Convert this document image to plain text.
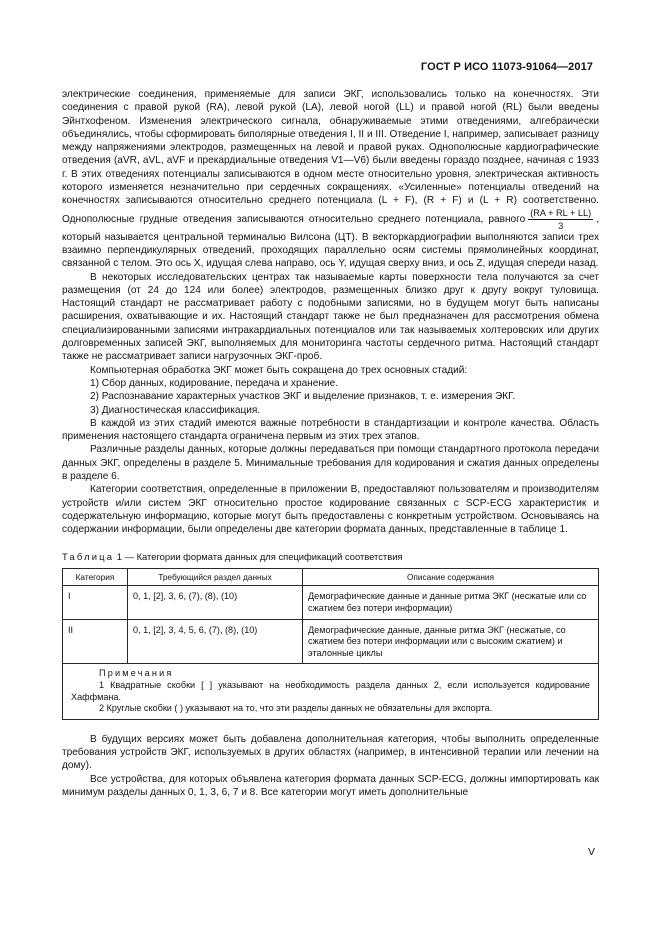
ГОСТ Р ИСО 11073-91064—2017

электрические соединения, применяемые для записи ЭКГ, использовались только на конечностях. Эти соединения с правой рукой (RA), левой рукой (LA), левой ногой (LL) и правой ногой (RL) были введены Эйнтхофеном. Изменения электрического сигнала, обнаруживаемые этими отведениями, алгебраически объединялись, чтобы сформировать биполярные отведения I, II и III. Отведение I, например, записывает разницу между напряжениями электродов, размещенных на левой и правой руках. Однополюсные кардиографические отведения (aVR, aVL, aVF и прекардиальные отведения V1—V6) были введены гораздо позднее, начиная с 1933 г. В этих отведениях потенциалы записываются в одном месте относительно уровня, электрическая активность которого изменяется незначительно при сердечных сокращениях. «Усиленные» потенциалы отведений на конечностях записываются относительно среднего потенциала (L + F), (R + F) и (L + R) соответственно. Однополюсные грудные отведения записываются относительно среднего потенциала, равного $\frac{(RA + RL + LL)}{3}$ , который называется центральной терминалью Вилсона (ЦТ). В векторкардиографии выполняются записи трех взаимно перпендикулярных отведений, проходящих параллельно осям системы прямолинейных координат, связанной с телом. Это ось X, идущая слева направо, ось Y, идущая сверху вниз, и ось Z, идущая спереди назад.

В некоторых исследовательских центрах так называемые карты поверхности тела получаются за счет размещения (от 24 до 124 или более) электродов, размещенных близко друг к другу вокруг туловища. Настоящий стандарт не рассматривает работу с подобными записями, но в будущем могут быть написаны расширения, охватывающие и их. Настоящий стандарт также не был предназначен для рассмотрения обмена специализированными записями интракардиальных потенциалов или так называемых холтеровских или других долговременных записей ЭКГ, выполняемых для мониторинга частоты сердечного ритма. Настоящий стандарт также не рассматривает записи нагрузочных ЭКГ-проб.

Компьютерная обработка ЭКГ может быть сокращена до трех основных стадий:

1) Сбор данных, кодирование, передача и хранение.

2) Распознавание характерных участков ЭКГ и выделение признаков, т. е. измерения ЭКГ.

3) Диагностическая классификация.

В каждой из этих стадий имеются важные потребности в стандартизации и контроле качества. Область применения настоящего стандарта ограничена первым из этих трех этапов.

Различные разделы данных, которые должны передаваться при помощи стандартного протокола передачи данных ЭКГ, определены в разделе 5. Минимальные требования для кодирования и сжатия данных определены в разделе 6.

Категории соответствия, определенные в приложении В, предоставляют пользователям и производителям устройств и/или систем ЭКГ относительно простое кодирование связанных с SCP-ECG характеристик и содержательную информацию, которые могут быть предоставлены с конкретным устройством. Основываясь на содержании информации, были определены две категории формата данных, представленные в таблице 1.

Таблица 1 — Категории формата данных для спецификаций соответствия
Категория	Требующийся раздел данных	Описание содержания
I	0, 1, [2], 3, 6, (7), (8), (10)	Демографические данные и данные ритма ЭКГ (несжатые или со сжатием без потери информации)
II	0, 1, [2], 3, 4, 5, 6, (7), (8), (10)	Демографические данные, данные ритма ЭКГ (несжатые, со сжатием без потери информации или с высоким сжатием) и эталонные циклы

Примечания
1 Квадратные скобки [ ] указывают на необходимость раздела данных 2, если используется кодирование Хаффмана.
2 Круглые скобки ( ) указывают на то, что эти разделы данных не обязательны для экспорта.		

В будущих версиях может быть добавлена дополнительная категория, чтобы выполнить определенные требования устройств ЭКГ, используемых в других областях (например, в интенсивной терапии или лечении на дому).

Все устройства, для которых объявлена категория формата данных SCP-ECG, должны импортировать как минимум разделы данных 0, 1, 3, 6, 7 и 8. Все категории могут иметь дополнительные

V
